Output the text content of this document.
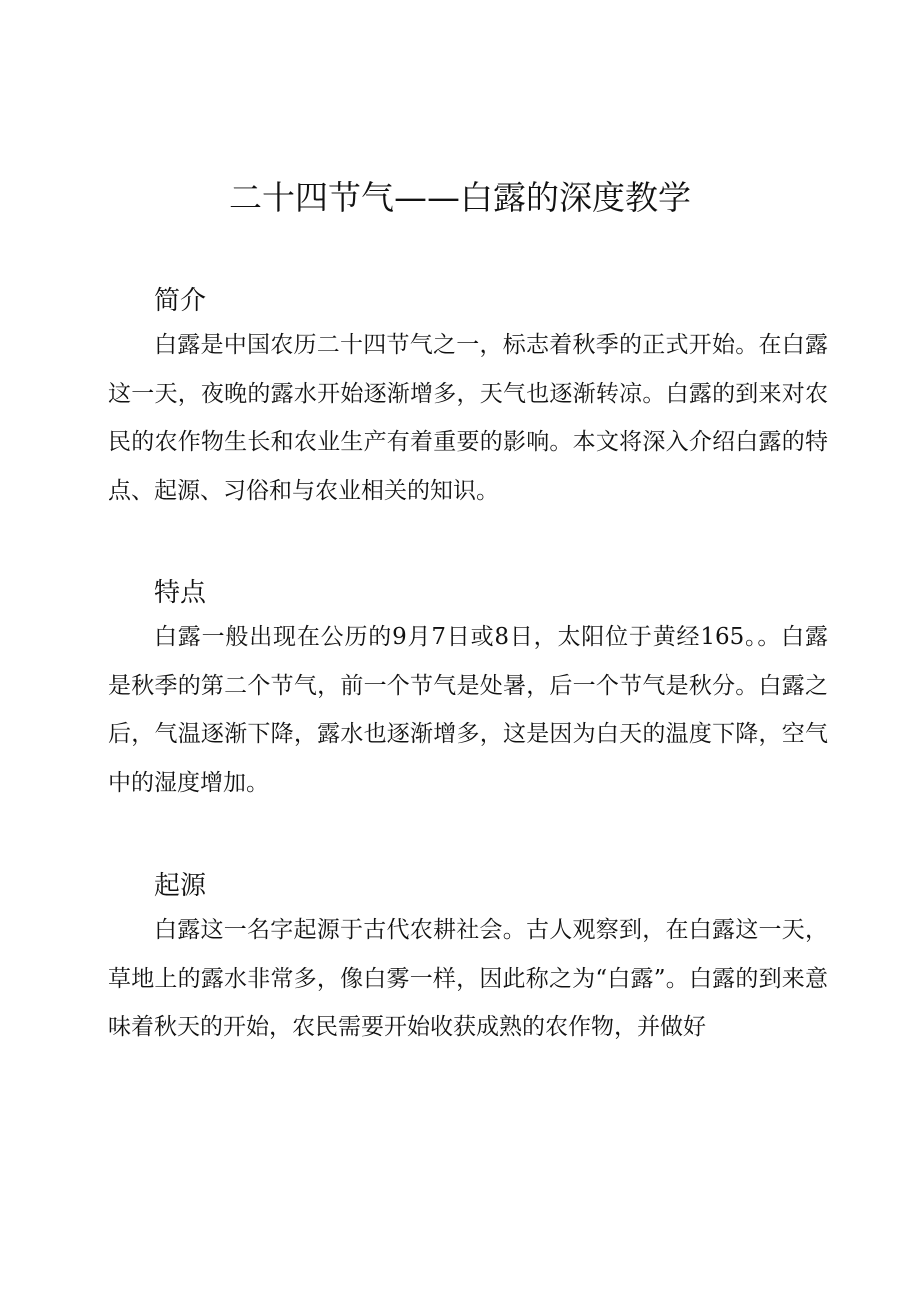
二十四节气——白露的深度教学
简介

白露是中国农历二十四节气之一，标志着秋季的正式开始。在白露这一天，夜晚的露水开始逐渐增多，天气也逐渐转凉。白露的到来对农民的农作物生长和农业生产有着重要的影响。本文将深入介绍白露的特点、起源、习俗和与农业相关的知识。

特点

白露一般出现在公历的9月7日或8日，太阳位于黄经165。。白露是秋季的第二个节气，前一个节气是处暑，后一个节气是秋分。白露之后，气温逐渐下降，露水也逐渐增多，这是因为白天的温度下降，空气中的湿度增加。

起源

白露这一名字起源于古代农耕社会。古人观察到，在白露这一天，草地上的露水非常多，像白雾一样，因此称之为“白露”。白露的到来意味着秋天的开始，农民需要开始收获成熟的农作物，并做好
